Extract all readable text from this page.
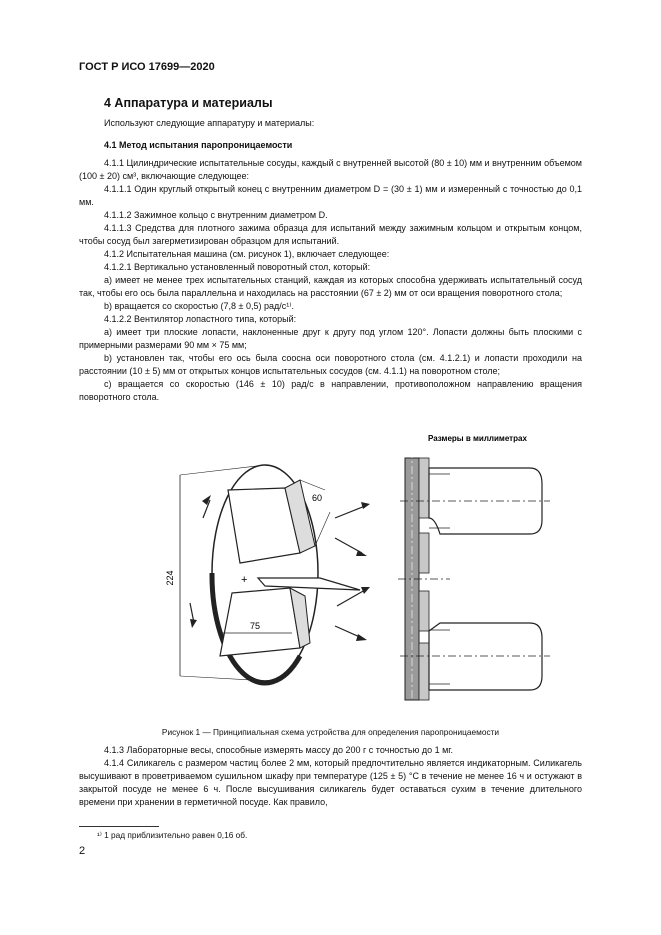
ГОСТ Р ИСО 17699—2020
4 Аппаратура и материалы
Используют следующие аппаратуру и материалы:
4.1 Метод испытания паропроницаемости

4.1.1 Цилиндрические испытательные сосуды, каждый с внутренней высотой (80 ± 10) мм и внутренним объемом (100 ± 20) см³, включающие следующее:

4.1.1.1 Один круглый открытый конец с внутренним диаметром D = (30 ± 1) мм и измеренный с точностью до 0,1 мм.

4.1.1.2 Зажимное кольцо с внутренним диаметром D.

4.1.1.3 Средства для плотного зажима образца для испытаний между зажимным кольцом и открытым концом, чтобы сосуд был загерметизирован образцом для испытаний.

4.1.2 Испытательная машина (см. рисунок 1), включает следующее:

4.1.2.1 Вертикально установленный поворотный стол, который:

а) имеет не менее трех испытательных станций, каждая из которых способна удерживать испытательный сосуд так, чтобы его ось была параллельна и находилась на расстоянии (67 ± 2) мм от оси вращения поворотного стола;

b) вращается со скоростью (7,8 ± 0,5) рад/с¹⁾.

4.1.2.2 Вентилятор лопастного типа, который:

а) имеет три плоские лопасти, наклоненные друг к другу под углом 120°. Лопасти должны быть плоскими с примерными размерами 90 мм × 75 мм;

b) установлен так, чтобы его ось была соосна оси поворотного стола (см. 4.1.2.1) и лопасти проходили на расстоянии (10 ± 5) мм от открытых концов испытательных сосудов (см. 4.1.1) на поворотном столе;

с) вращается со скоростью (146 ± 10) рад/с в направлении, противоположном направлению вращения поворотного стола.

Размеры в миллиметрах
224
60
+
75
Рисунок 1 — Принципиальная схема устройства для определения паропроницаемости

4.1.3 Лабораторные весы, способные измерять массу до 200 г с точностью до 1 мг.

4.1.4 Силикагель с размером частиц более 2 мм, который предпочтительно является индикаторным. Силикагель высушивают в проветриваемом сушильном шкафу при температуре (125 ± 5) °С в течение не менее 16 ч и остужают в закрытой посуде не менее 6 ч. После высушивания силикагель будет оставаться сухим в течение длительного времени при хранении в герметичной посуде. Как правило,

¹⁾ 1 рад приблизительно равен 0,16 об.
2
